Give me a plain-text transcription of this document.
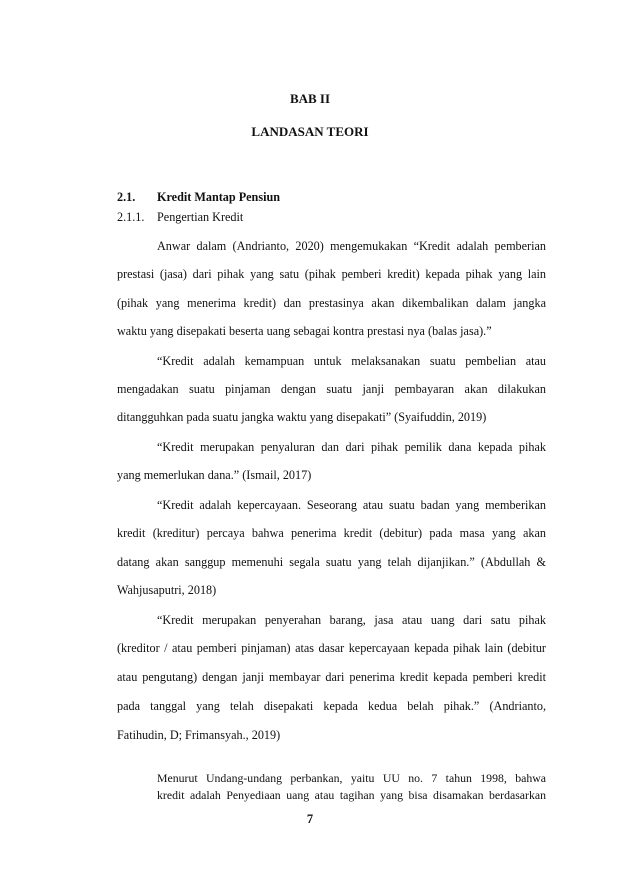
BAB II
LANDASAN TEORI
2.1. Kredit Mantap Pensiun
2.1.1. Pengertian Kredit
Anwar dalam (Andrianto, 2020) mengemukakan “Kredit adalah pemberian
prestasi (jasa) dari pihak yang satu (pihak pemberi kredit) kepada pihak yang lain
(pihak yang menerima kredit) dan prestasinya akan dikembalikan dalam jangka
waktu yang disepakati beserta uang sebagai kontra prestasi nya (balas jasa).”
“Kredit adalah kemampuan untuk melaksanakan suatu pembelian atau
mengadakan suatu pinjaman dengan suatu janji pembayaran akan dilakukan
ditangguhkan pada suatu jangka waktu yang disepakati” (Syaifuddin, 2019)
“Kredit merupakan penyaluran dan dari pihak pemilik dana kepada pihak
yang memerlukan dana.” (Ismail, 2017)
“Kredit adalah kepercayaan. Seseorang atau suatu badan yang memberikan
kredit (kreditur) percaya bahwa penerima kredit (debitur) pada masa yang akan
datang akan sanggup memenuhi segala suatu yang telah dijanjikan.” (Abdullah &
Wahjusaputri, 2018)
“Kredit merupakan penyerahan barang, jasa atau uang dari satu pihak
(kreditor / atau pemberi pinjaman) atas dasar kepercayaan kepada pihak lain (debitur
atau pengutang) dengan janji membayar dari penerima kredit kepada pemberi kredit
pada tanggal yang telah disepakati kepada kedua belah pihak.” (Andrianto,
Fatihudin, D; Frimansyah., 2019)
Menurut Undang-undang perbankan, yaitu UU no. 7 tahun 1998, bahwa
kredit adalah Penyediaan uang atau tagihan yang bisa disamakan berdasarkan
7
